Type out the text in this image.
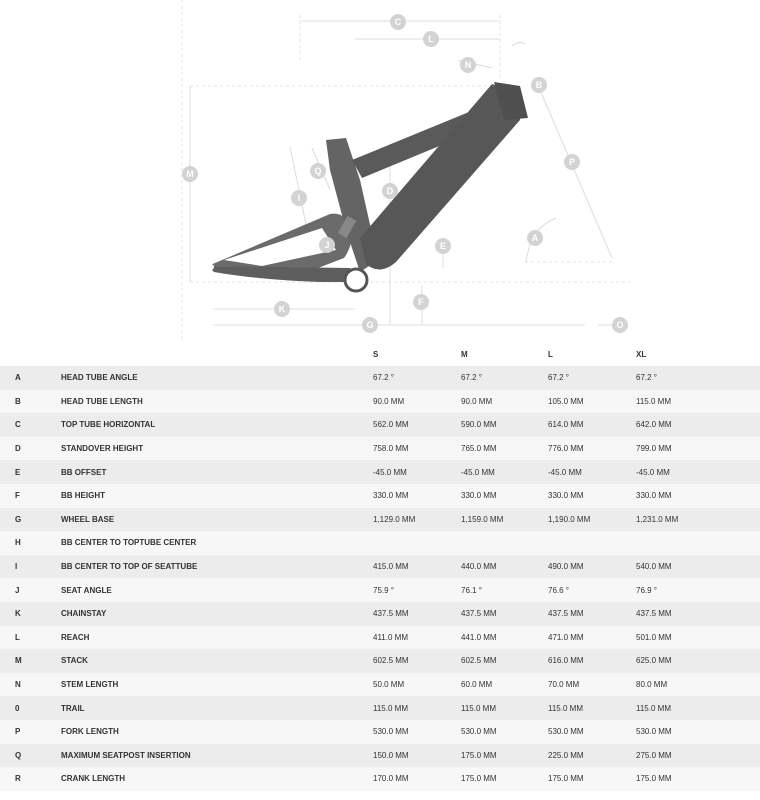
C
L
N
B
P
M	Q
I
D
E
A
J
F
K
G	O
		S	M	L	XL
A	HEAD TUBE ANGLE	67.2 °	67.2 °	67.2 °	67.2 °
B	HEAD TUBE LENGTH	90.0 MM	90.0 MM	105.0 MM	115.0 MM
C	TOP TUBE HORIZONTAL	562.0 MM	590.0 MM	614.0 MM	642.0 MM
D	STANDOVER HEIGHT	758.0 MM	765.0 MM	776.0 MM	799.0 MM
E	BB OFFSET	-45.0 MM	-45.0 MM	-45.0 MM	-45.0 MM
F	BB HEIGHT	330.0 MM	330.0 MM	330.0 MM	330.0 MM
G	WHEEL BASE	1,129.0 MM	1,159.0 MM	1,190.0 MM	1,231.0 MM
H	BB CENTER TO TOPTUBE CENTER				
I	BB CENTER TO TOP OF SEATTUBE	415.0 MM	440.0 MM	490.0 MM	540.0 MM
J	SEAT ANGLE	75.9 °	76.1 °	76.6 °	76.9 °
K	CHAINSTAY	437.5 MM	437.5 MM	437.5 MM	437.5 MM
L	REACH	411.0 MM	441.0 MM	471.0 MM	501.0 MM
M	STACK	602.5 MM	602.5 MM	616.0 MM	625.0 MM
N	STEM LENGTH	50.0 MM	60.0 MM	70.0 MM	80.0 MM
0	TRAIL	115.0 MM	115.0 MM	115.0 MM	115.0 MM
P	FORK LENGTH	530.0 MM	530.0 MM	530.0 MM	530.0 MM
Q	MAXIMUM SEATPOST INSERTION	150.0 MM	175.0 MM	225.0 MM	275.0 MM
R	CRANK LENGTH	170.0 MM	175.0 MM	175.0 MM	175.0 MM
